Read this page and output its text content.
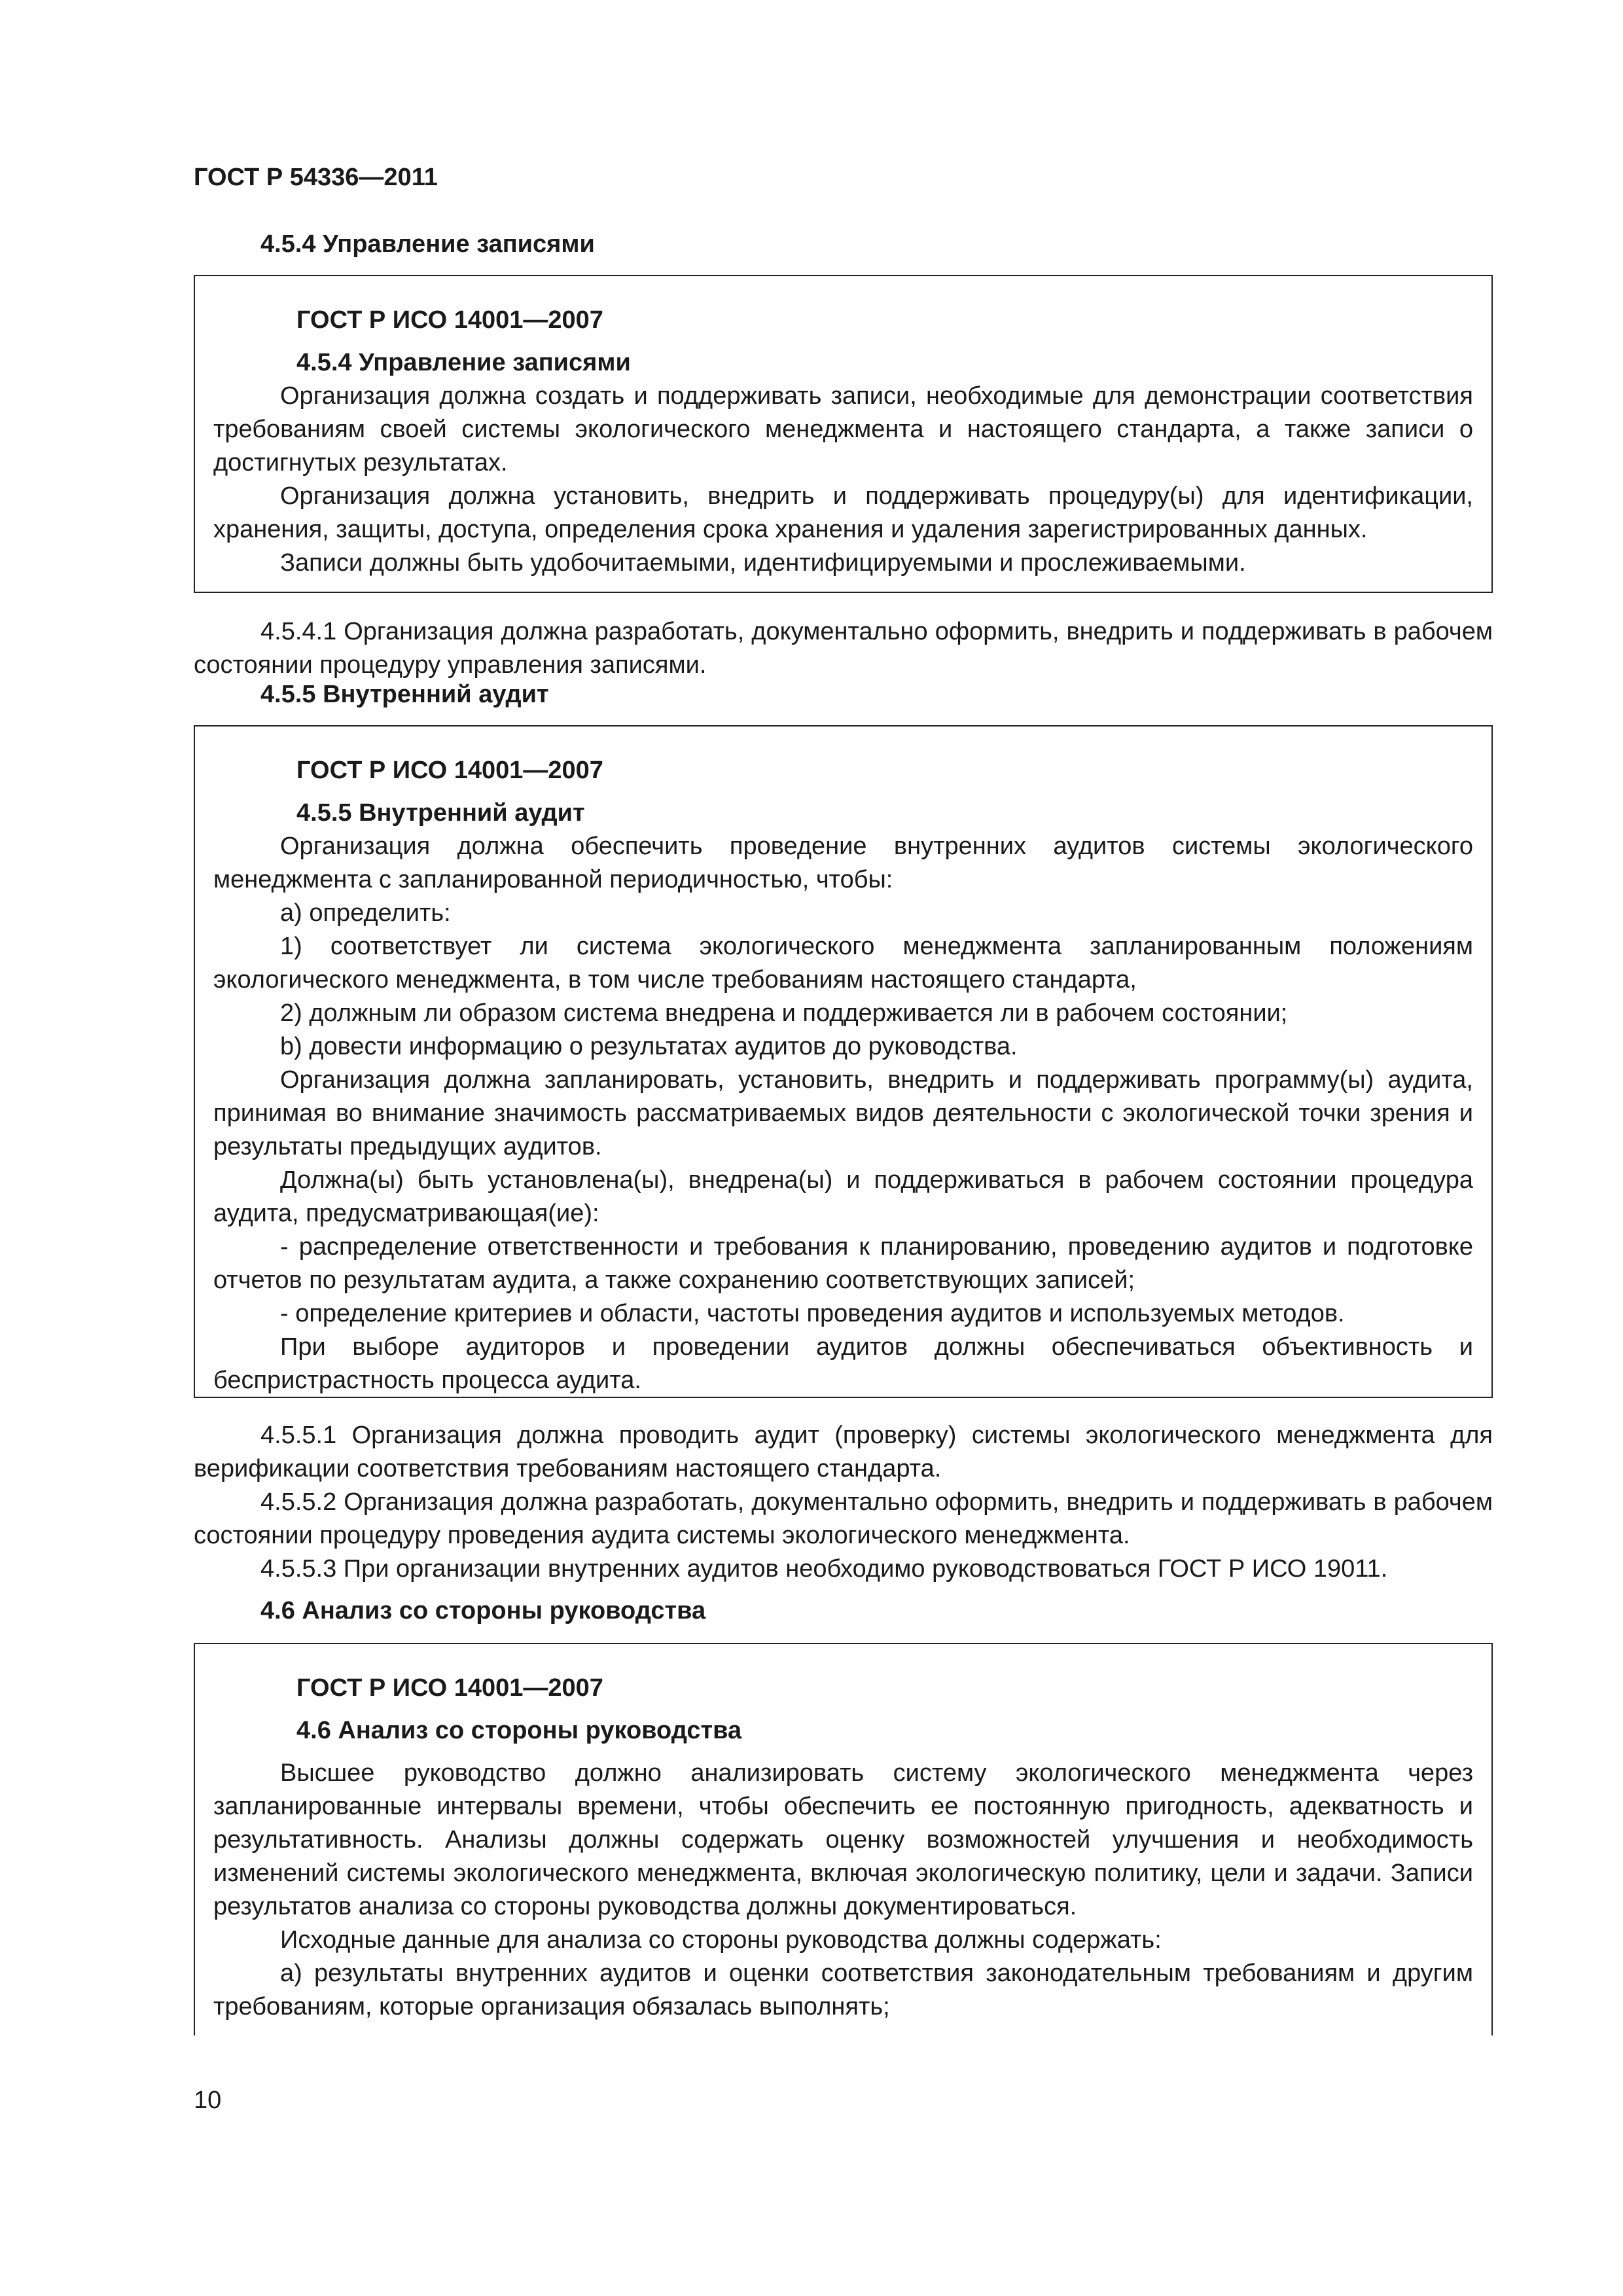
ГОСТ Р 54336—2011

4.5.4 Управление записями

ГОСТ Р ИСО 14001—2007

4.5.4 Управление записями

Организация должна создать и поддерживать записи, необходимые для демонстрации соответствия требованиям своей системы экологического менеджмента и настоящего стандарта, а также записи о достигнутых результатах.

Организация должна установить, внедрить и поддерживать процедуру(ы) для идентификации, хранения, защиты, доступа, определения срока хранения и удаления зарегистрированных данных.

Записи должны быть удобочитаемыми, идентифицируемыми и прослеживаемыми.

4.5.4.1 Организация должна разработать, документально оформить, внедрить и поддерживать в рабочем состоянии процедуру управления записями.

4.5.5 Внутренний аудит

ГОСТ Р ИСО 14001—2007

4.5.5 Внутренний аудит

Организация должна обеспечить проведение внутренних аудитов системы экологического менеджмента с запланированной периодичностью, чтобы:

a) определить:

1) соответствует ли система экологического менеджмента запланированным положениям экологического менеджмента, в том числе требованиям настоящего стандарта,

2) должным ли образом система внедрена и поддерживается ли в рабочем состоянии;

b) довести информацию о результатах аудитов до руководства.

Организация должна запланировать, установить, внедрить и поддерживать программу(ы) аудита, принимая во внимание значимость рассматриваемых видов деятельности с экологической точки зрения и результаты предыдущих аудитов.

Должна(ы) быть установлена(ы), внедрена(ы) и поддерживаться в рабочем состоянии процедура аудита, предусматривающая(ие):

- распределение ответственности и требования к планированию, проведению аудитов и подготовке отчетов по результатам аудита, а также сохранению соответствующих записей;

- определение критериев и области, частоты проведения аудитов и используемых методов.

При выборе аудиторов и проведении аудитов должны обеспечиваться объективность и беспристрастность процесса аудита.

4.5.5.1 Организация должна проводить аудит (проверку) системы экологического менеджмента для верификации соответствия требованиям настоящего стандарта.

4.5.5.2 Организация должна разработать, документально оформить, внедрить и поддерживать в рабочем состоянии процедуру проведения аудита системы экологического менеджмента.

4.5.5.3 При организации внутренних аудитов необходимо руководствоваться ГОСТ Р ИСО 19011.

4.6 Анализ со стороны руководства

ГОСТ Р ИСО 14001—2007

4.6 Анализ со стороны руководства

Высшее руководство должно анализировать систему экологического менеджмента через запланированные интервалы времени, чтобы обеспечить ее постоянную пригодность, адекватность и результативность. Анализы должны содержать оценку возможностей улучшения и необходимость изменений системы экологического менеджмента, включая экологическую политику, цели и задачи. Записи результатов анализа со стороны руководства должны документироваться.

Исходные данные для анализа со стороны руководства должны содержать:

a) результаты внутренних аудитов и оценки соответствия законодательным требованиям и другим требованиям, которые организация обязалась выполнять;

10
